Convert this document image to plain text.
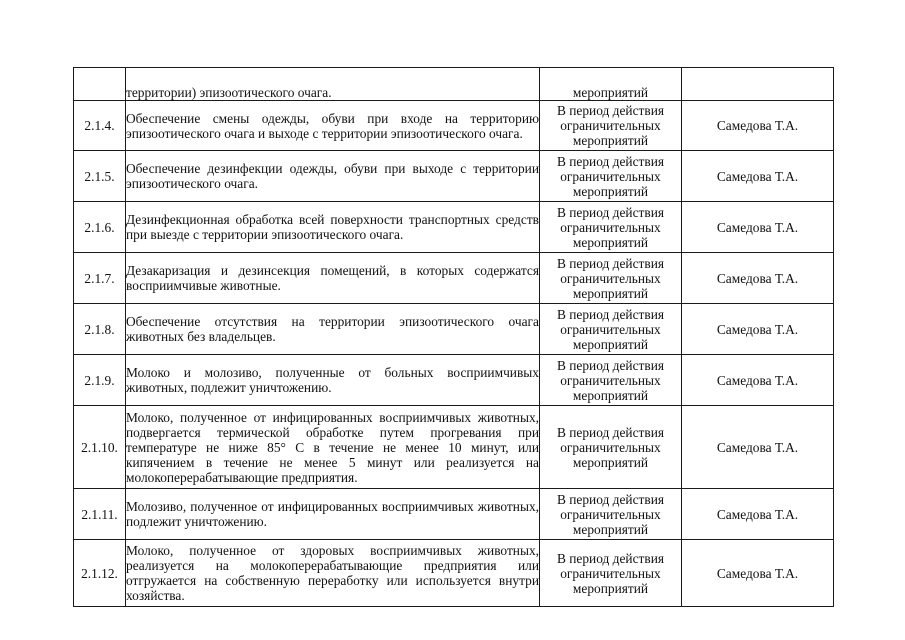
	территории) эпизоотического очага.	мероприятий	
2.1.4.	Обеспечение смены одежды, обуви при входе на территорию эпизоотического очага и выходе с территории эпизоотического очага.	В период действия ограничительных мероприятий	Самедова Т.А.
2.1.5.	Обеспечение дезинфекции одежды, обуви при выходе с территории эпизоотического очага.	В период действия ограничительных мероприятий	Самедова Т.А.
2.1.6.	Дезинфекционная обработка всей поверхности транспортных средств при выезде с территории эпизоотического очага.	В период действия ограничительных мероприятий	Самедова Т.А.
2.1.7.	Дезакаризация и дезинсекция помещений, в которых содержатся восприимчивые животные.	В период действия ограничительных мероприятий	Самедова Т.А.
2.1.8.	Обеспечение отсутствия на территории эпизоотического очага животных без владельцев.	В период действия ограничительных мероприятий	Самедова Т.А.
2.1.9.	Молоко и молозиво, полученные от больных восприимчивых животных, подлежит уничтожению.	В период действия ограничительных мероприятий	Самедова Т.А.
2.1.10.	Молоко, полученное от инфицированных восприимчивых животных, подвергается термической обработке путем прогревания при температуре не ниже 85° С в течение не менее 10 минут, или кипячением в течение не менее 5 минут или реализуется на молокоперерабатывающие предприятия.	В период действия ограничительных мероприятий	Самедова Т.А.
2.1.11.	Молозиво, полученное от инфицированных восприимчивых животных, подлежит уничтожению.	В период действия ограничительных мероприятий	Самедова Т.А.
2.1.12.	Молоко, полученное от здоровых восприимчивых животных, реализуется на молокоперерабатывающие предприятия или отгружается на собственную переработку или используется внутри хозяйства.	В период действия ограничительных мероприятий	Самедова Т.А.
